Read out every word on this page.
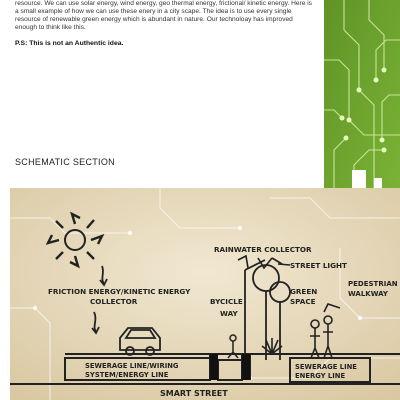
resource. We can use solar energy, wind energy, geo thermal energy, frictional/ kinetic energy. Here is a small example of how we can use these enery in a city scape. The idea is to use every single resource of renewable green energy which is abundant in nature. Our technoloay has improved enough to think like this.

P.S: This is not an Authentic idea.
SCHEMATIC SECTION
FRICTION ENERGY/KINETIC ENERGY
COLLECTOR
RAINWATER COLLECTOR
STREET LIGHT
BYCICLE
WAY
GREEN
SPACE
PEDESTRIAN
WALKWAY
SEWERAGE LINE/WIRING
SYSTEM/ENERGY LINE
SEWERAGE LINE
ENERGY LINE
SMART STREET
